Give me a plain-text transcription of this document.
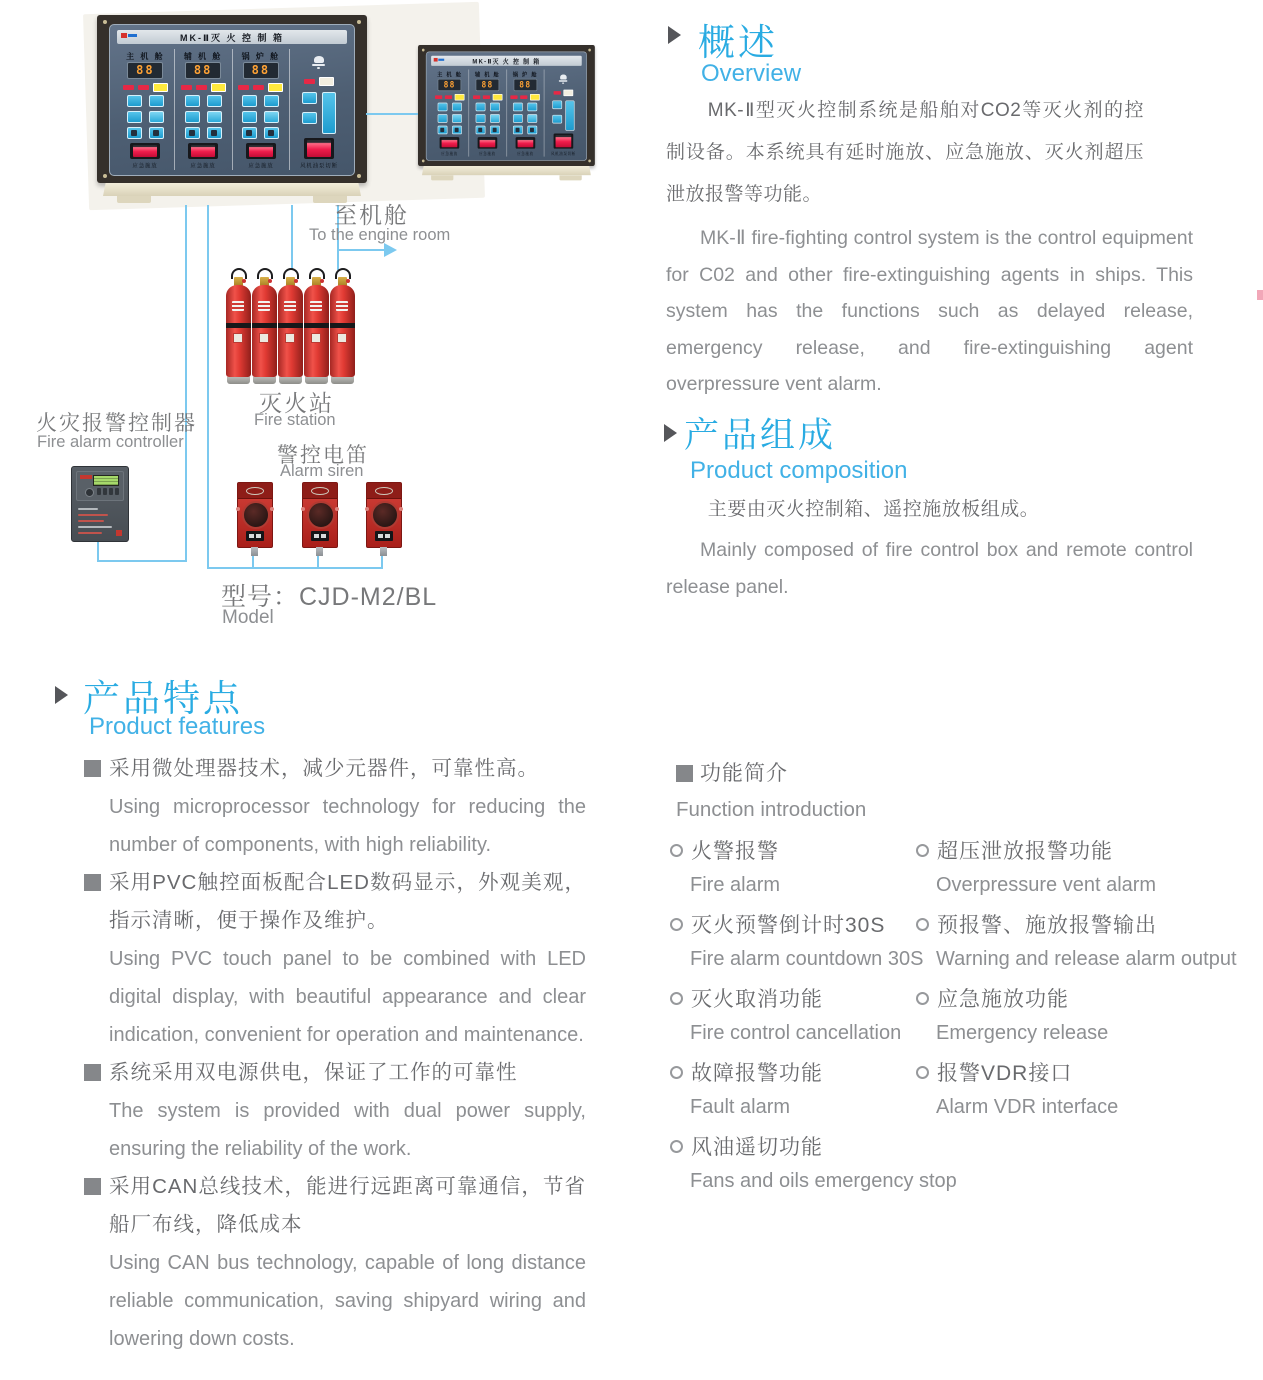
MK-Ⅱ灭 火 控 制 箱
主 机 舱
88
应急施放
辅 机 舱
88
应急施放
锅 炉 舱
88
应急施放	风机油泵切断
MK-Ⅱ灭 火 控 制 箱
主 机 舱
88
应急施放
辅 机 舱
88
应急施放
锅 炉 舱
88
应急施放	风机油泵切断
至机舱
To the engine room
灭火站
Fire station
火灾报警控制器
Fire alarm controller
警控电笛
Alarm siren
型号：CJD-M2/BL
Model
概述
Overview

MK-Ⅱ型灭火控制系统是船舶对CO2等灭火剂的控制设备。本系统具有延时施放、应急施放、灭火剂超压泄放报警等功能。

MK-Ⅱ fire-fighting control system is the control equipment for C02 and other fire-extinguishing agents in ships. This system has the functions such as delayed release, emergency release, and fire-extinguishing agent overpressure vent alarm.

产品组成
Product composition

主要由灭火控制箱、遥控施放板组成。

Mainly composed of fire control box and remote control release panel.

产品特点
Product features
采用微处理器技术，减少元器件，可靠性高。
Using microprocessor technology for reducing the number of components, with high reliability.
采用PVC触控面板配合LED数码显示，外观美观，指示清晰，便于操作及维护。
Using PVC touch panel to be combined with LED digital display, with beautiful appearance and clear indication, convenient for operation and maintenance.
系统采用双电源供电，保证了工作的可靠性
The system is provided with dual power supply, ensuring the reliability of the work.
采用CAN总线技术，能进行远距离可靠通信，节省船厂布线，降低成本
Using CAN bus technology, capable of long distance reliable communication, saving shipyard wiring and lowering down costs.
功能简介
Function introduction
火警报警
Fire alarm
灭火预警倒计时30S
Fire alarm countdown 30S
灭火取消功能
Fire control cancellation
故障报警功能
Fault alarm
风油遥切功能
Fans and oils emergency stop
超压泄放报警功能
Overpressure vent alarm
预报警、施放报警输出
Warning and release alarm output
应急施放功能
Emergency release
报警VDR接口
Alarm VDR interface
